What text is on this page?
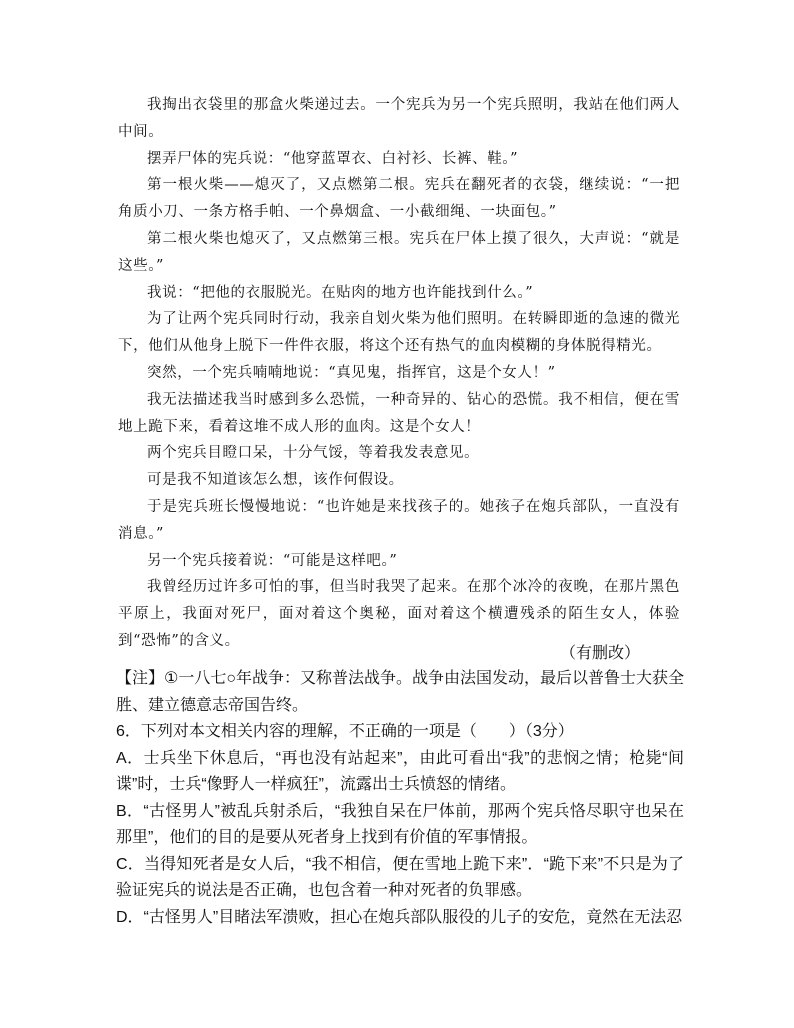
我掏出衣袋里的那盒火柴递过去。一个宪兵为另一个宪兵照明，我站在他们两人中间。

摆弄尸体的宪兵说：“他穿蓝罩衣、白衬衫、长裤、鞋。”

第一根火柴——熄灭了，又点燃第二根。宪兵在翻死者的衣袋，继续说：“一把角质小刀、一条方格手帕、一个鼻烟盒、一小截细绳、一块面包。”

第二根火柴也熄灭了，又点燃第三根。宪兵在尸体上摸了很久，大声说：“就是这些。”

我说：“把他的衣服脱光。在贴肉的地方也许能找到什么。”

为了让两个宪兵同时行动，我亲自划火柴为他们照明。在转瞬即逝的急速的微光下，他们从他身上脱下一件件衣服，将这个还有热气的血肉模糊的身体脱得精光。

突然，一个宪兵喃喃地说：“真见鬼，指挥官，这是个女人！”

我无法描述我当时感到多么恐慌，一种奇异的、钻心的恐慌。我不相信，便在雪地上跪下来，看着这堆不成人形的血肉。这是个女人！

两个宪兵目瞪口呆，十分气馁，等着我发表意见。

可是我不知道该怎么想，该作何假设。

于是宪兵班长慢慢地说：“也许她是来找孩子的。她孩子在炮兵部队，一直没有消息。”

另一个宪兵接着说：“可能是这样吧。”

我曾经历过许多可怕的事，但当时我哭了起来。在那个冰冷的夜晚，在那片黑色平原上，我面对死尸，面对着这个奥秘，面对着这个横遭残杀的陌生女人，体验到“恐怖”的含义。

（有删改）

【注】①一八七○年战争：又称普法战争。战争由法国发动，最后以普鲁士大获全胜、建立德意志帝国告终。

6．下列对本文相关内容的理解，不正确的一项是（　　）（3分）

A．士兵坐下休息后，“再也没有站起来”，由此可看出“我”的悲悯之情；枪毙“间谍”时，士兵“像野人一样疯狂”，流露出士兵愤怒的情绪。

B．“古怪男人”被乱兵射杀后，“我独自呆在尸体前，那两个宪兵恪尽职守也呆在那里”，他们的目的是要从死者身上找到有价值的军事情报。

C．当得知死者是女人后，“我不相信，便在雪地上跪下来”．“跪下来”不只是为了验证宪兵的说法是否正确，也包含着一种对死者的负罪感。

D．“古怪男人”目睹法军溃败，担心在炮兵部队服役的儿子的安危，竟然在无法忍
